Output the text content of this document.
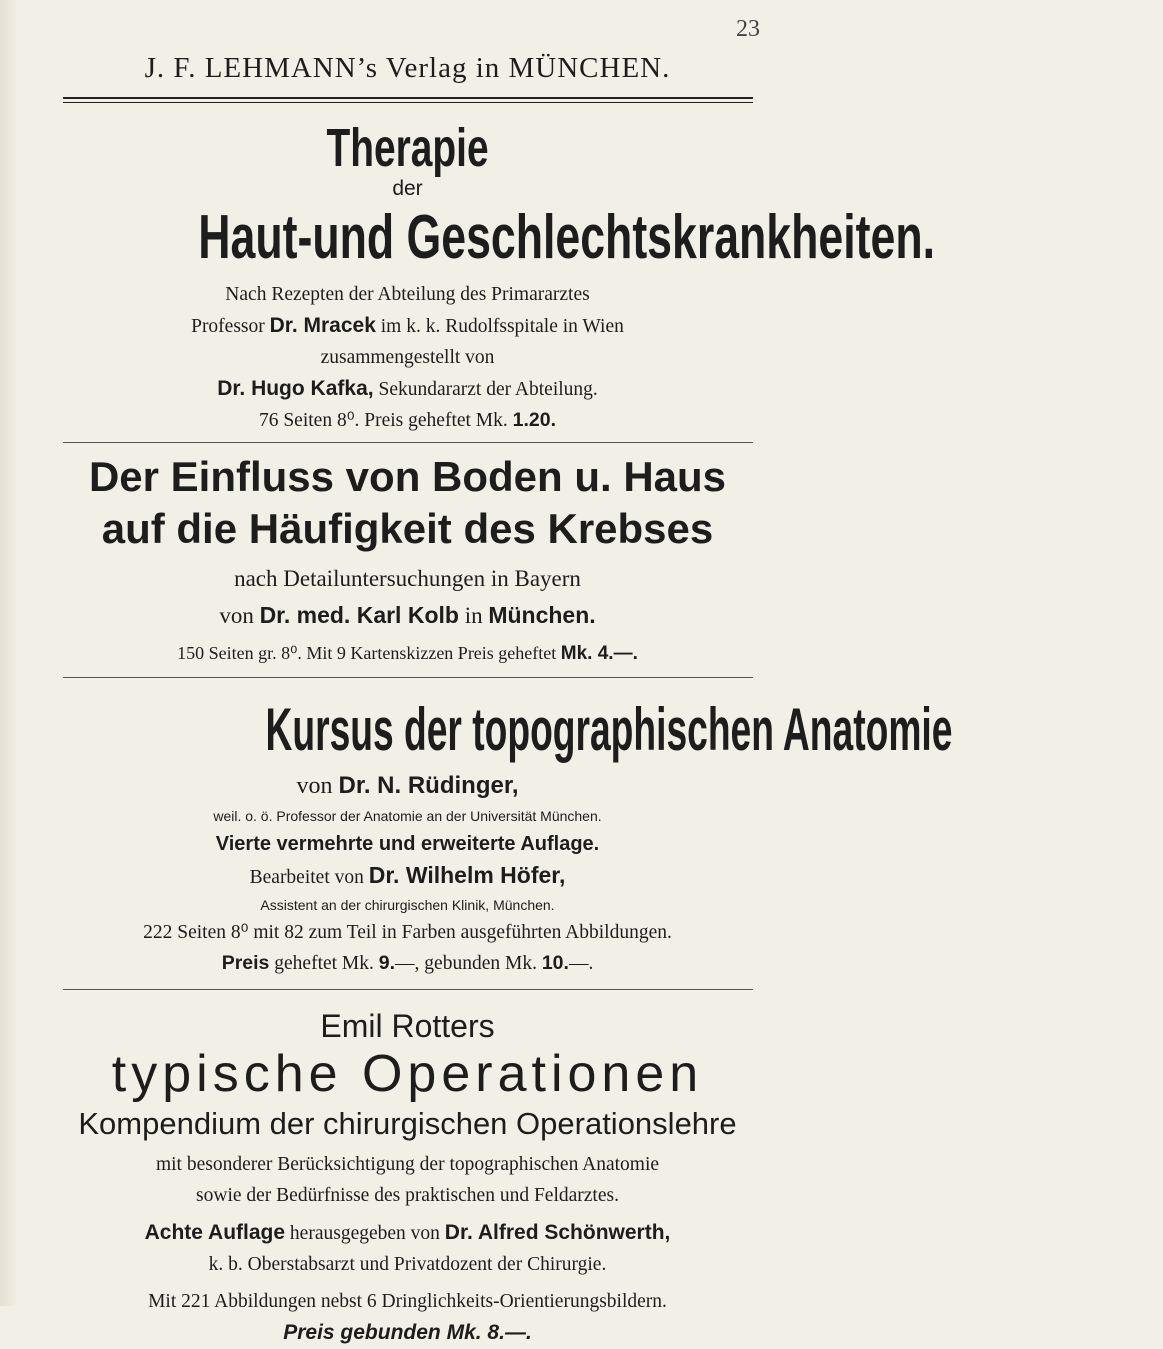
23
J. F. LEHMANN’s Verlag in MÜNCHEN.
Therapie
der
Haut-und Geschlechtskrankheiten.
Nach Rezepten der Abteilung des Primararztes
Professor Dr. Mracek im k. k. Rudolfsspitale in Wien
zusammengestellt von
Dr. Hugo Kafka, Sekundararzt der Abteilung.
76 Seiten 8⁰. Preis geheftet Mk. 1.20.
Der Einfluss von Boden u. Haus
auf die Häufigkeit des Krebses
nach Detailuntersuchungen in Bayern
von Dr. med. Karl Kolb in München.
150 Seiten gr. 8⁰. Mit 9 Kartenskizzen Preis geheftet Mk. 4.—.
Kursus der topographischen Anatomie
von Dr. N. Rüdinger,
weil. o. ö. Professor der Anatomie an der Universität München.
Vierte vermehrte und erweiterte Auflage.
Bearbeitet von Dr. Wilhelm Höfer,
Assistent an der chirurgischen Klinik, München.
222 Seiten 8⁰ mit 82 zum Teil in Farben ausgeführten Abbildungen.
Preis geheftet Mk. 9.—, gebunden Mk. 10.—.
Emil Rotters
typische Operationen
Kompendium der chirurgischen Operationslehre
mit besonderer Berücksichtigung der topographischen Anatomie
sowie der Bedürfnisse des praktischen und Feldarztes.
Achte Auflage herausgegeben von Dr. Alfred Schönwerth,
k. b. Oberstabsarzt und Privatdozent der Chirurgie.
Mit 221 Abbildungen nebst 6 Dringlichkeits-Orientierungsbildern.
Preis gebunden Mk. 8.—.
